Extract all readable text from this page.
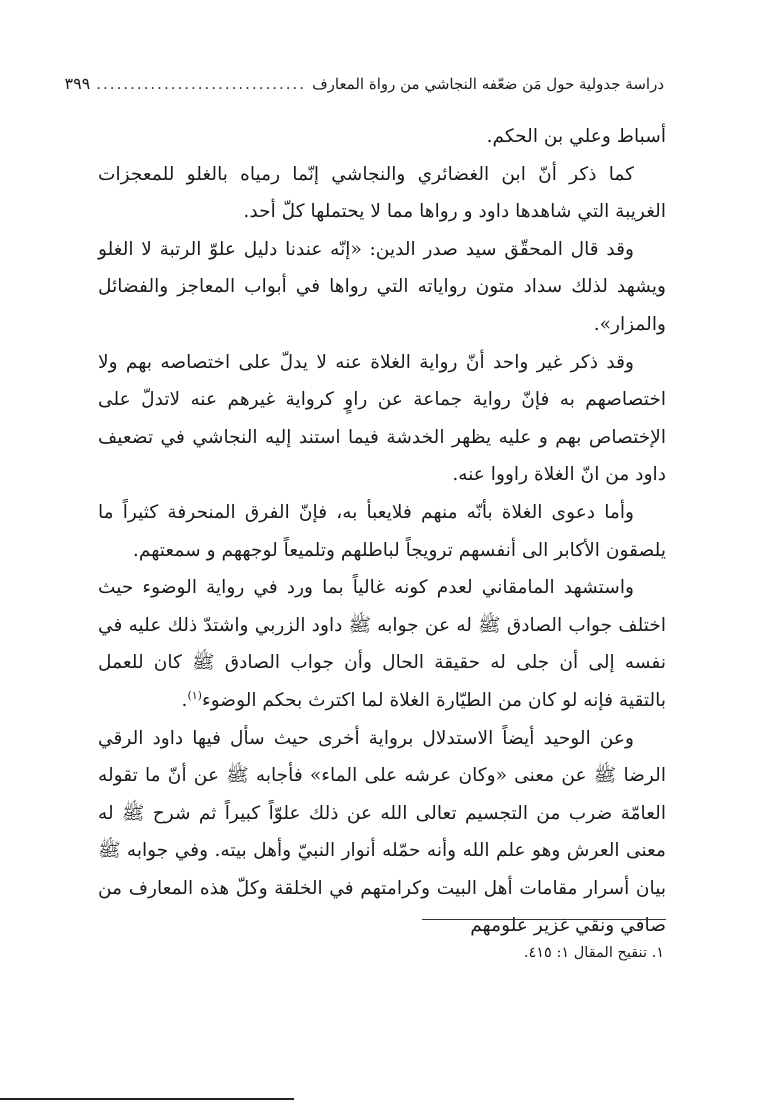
دراسة جدولية حول مَن ضعّفه النجاشي من رواة المعارف
...............................
٣٩٩

أسباط وعلي بن الحكم.

كما ذكر أنّ ابن الغضائري والنجاشي إنّما رمياه بالغلو للمعجزات الغريبة التي شاهدها داود و رواها مما لا يحتملها كلّ أحد.

وقد قال المحقّق سيد صدر الدين: «إنّه عندنا دليل علوّ الرتبة لا الغلو ويشهد لذلك سداد متون رواياته التي رواها في أبواب المعاجز والفضائل والمزار».

وقد ذكر غير واحد أنّ رواية الغلاة عنه لا يدلّ على اختصاصه بهم ولا اختصاصهم به فإنّ رواية جماعة عن راوٍ كرواية غيرهم عنه لاتدلّ على الإختصاص بهم و عليه يظهر الخدشة فيما استند إليه النجاشي في تضعيف داود من انّ الغلاة راووا عنه.

وأما دعوى الغلاة بأنّه منهم فلايعبأ به، فإنّ الفرق المنحرفة كثيراً ما يلصقون الأكابر الى أنفسهم ترويجاً لباطلهم وتلميعاً لوجههم و سمعتهم.

واستشهد المامقاني لعدم كونه غالياً بما ورد في رواية الوضوء حيث اختلف جواب الصادق ﷺ له عن جوابه ﷺ داود الزربي واشتدّ ذلك عليه في نفسه إلى أن جلى له حقيقة الحال وأن جواب الصادق ﷺ كان للعمل بالتقية فإنه لو كان من الطيّارة الغلاة لما اكترث بحكم الوضوء$^{(١)}$.

وعن الوحيد أيضاً الاستدلال برواية أخرى حيث سأل فيها داود الرقي الرضا ﷺ عن معنى «وكان عرشه على الماء» فأجابه ﷺ عن أنّ ما تقوله العامّة ضرب من التجسيم تعالى الله عن ذلك علوّاً كبيراً ثم شرح ﷺ له معنى العرش وهو علم الله وأنه حمّله أنوار النبيّ وأهل بيته. وفي جوابه ﷺ بيان أسرار مقامات أهل البيت وكرامتهم في الخلقة وكلّ هذه المعارف من صافي ونقي غزير علومهم

١. تنقيح المقال ١: ٤١٥.
